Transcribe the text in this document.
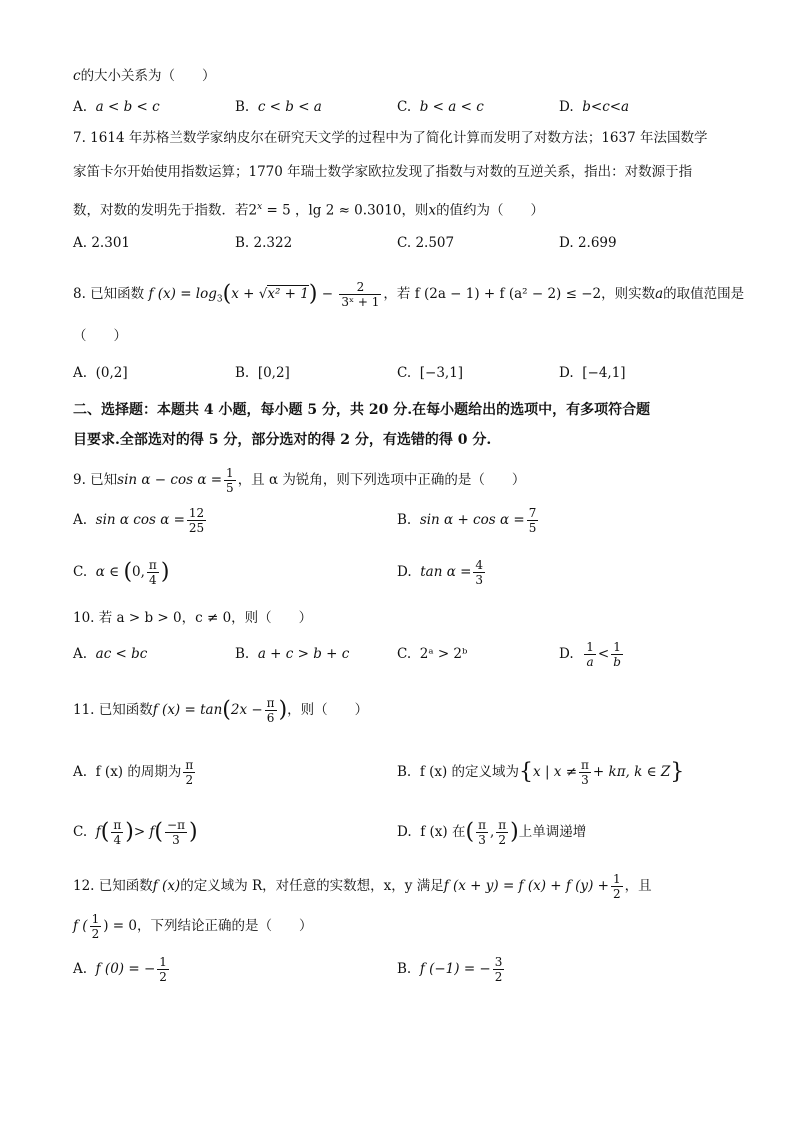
c的大小关系为（　　）
A. a < b < c	B. c < b < a	C. b < a < c	D. b<c<a
7. 1614 年苏格兰数学家纳皮尔在研究天文学的过程中为了简化计算而发明了对数方法；1637 年法国数学
家笛卡尔开始使用指数运算；1770 年瑞士数学家欧拉发现了指数与对数的互逆关系，指出：对数源于指
数，对数的发明先于指数．若$2^x = 5$ ，lg 2 ≈ 0.3010，则x的值约为（　　）
A. 2.301	B. 2.322	C. 2.507	D. 2.699
8. 已知函数 f $(x) = \log_3(x + √x^2 + 1) - \frac{2}{\text{3ˣ + 1}}$ ，若 f (2a − 1) + f (a² − 2) ≤ −2，则实数a的取值范围是
（　　）
A. (0,2]	B. [0,2]	C. [−3,1]	D. [−4,1]
二、选择题：本题共 4 小题，每小题 5 分，共 20 分.在每小题给出的选项中，有多项符合题
目要求.全部选对的得 5 分，部分选对的得 2 分，有选错的得 0 分.
9. 已知$\sin \alpha - \cos \alpha = \frac{1}{5}$ ，且 α 为锐角，则下列选项中正确的是（　　）
A. sin α $\cos \alpha = \frac{12}{25}$	B. $\sin \alpha + \cos \alpha = \frac{7}{5}$
C. α ∈ (0, $\frac{\pi}{4}$ )	D. $\tan \alpha = \frac{4}{3}$
10. 若 a > b > 0，c ≠ 0，则（　　）
A. ac < bc	B. a + c > b + c	C. 2ᵃ > 2ᵇ	D. $\frac{1}{a} < \frac{1}{b}$
11. 已知函数f $(x) = \tan(2x - \frac{\pi}{6}$ )，则（　　）
A. f (x) 的周期为 $\frac{\pi}{2}$	B. f (x) 的定义域为{x | $x \ne \frac{\pi}{3} + k\pi$, k ∈ Z}
C. $f( \frac{\pi}{4}$ )> $f( \frac{-\pi}{3}$ )	D. f (x) 在( $\frac{\pi}{3}$ , $\frac{\pi}{2}$ )上单调递增
12. 已知函数f (x)的定义域为 R，对任意的实数想，x，y 满足f (x + y) = f (x) + f $(y) + \frac{1}{2}$ ，且
f ( $\frac{1}{2}$ ) = 0，下列结论正确的是（　　）
A. f (0) = − $\frac{1}{2}$	B. f (−1) = − $\frac{3}{2}$
